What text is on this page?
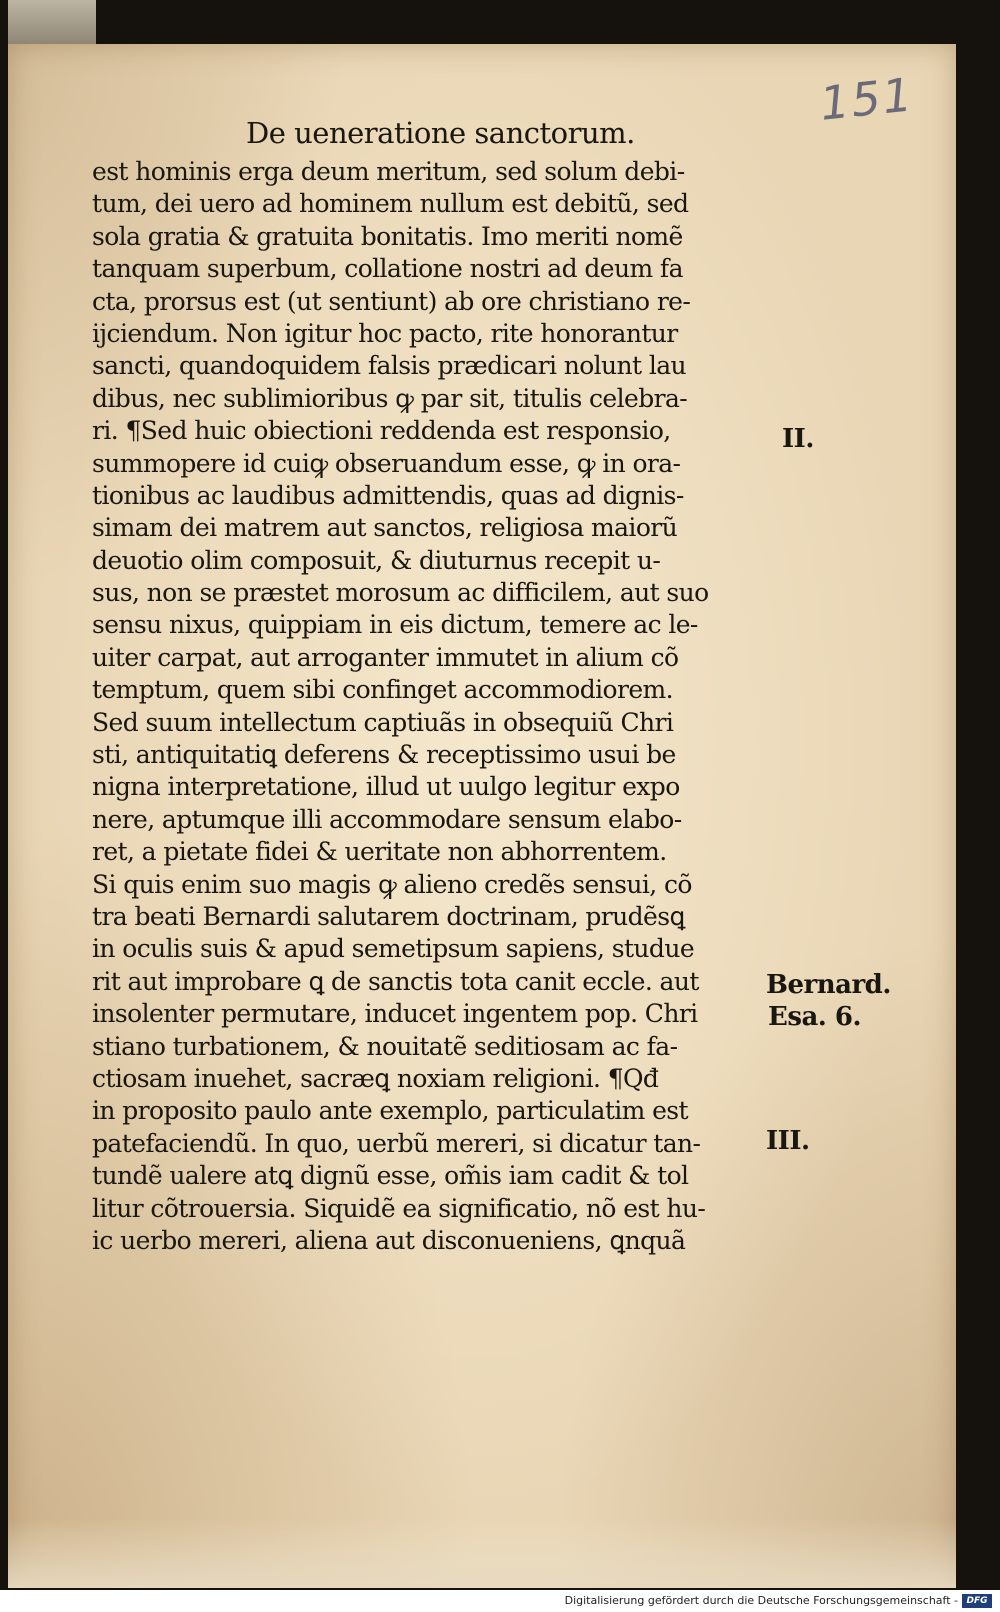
151
De ueneratione sanctorum.
est hominis erga deum meritum, sed solum debi-
tum, dei uero ad hominem nullum est debitũ, sed
sola gratia & gratuita bonitatis. Imo meriti nomẽ
tanquam superbum, collatione nostri ad deum fa
cta, prorsus est (ut sentiunt) ab ore christiano re-
ijciendum. Non igitur hoc pacto, rite honorantur
sancti, quandoquidem falsis prædicari nolunt lau
dibus, nec sublimioribus ꝙ par sit, titulis celebra-
ri. ¶Sed huic obiectioni reddenda est responsio,
summopere id cuiꝙ obseruandum esse, ꝙ in ora-
tionibus ac laudibus admittendis, quas ad dignis-
simam dei matrem aut sanctos, religiosa maiorũ
deuotio olim composuit, & diuturnus recepit u-
sus, non se præstet morosum ac difficilem, aut suo
sensu nixus, quippiam in eis dictum, temere ac le-
uiter carpat, aut arroganter immutet in alium cõ
temptum, quem sibi confinget accommodiorem.
Sed suum intellectum captiuãs in obsequiũ Chri
sti, antiquitatiꝗ deferens & receptissimo usui be
nigna interpretatione, illud ut uulgo legitur expo
nere, aptumque illi accommodare sensum elabo-
ret, a pietate fidei & ueritate non abhorrentem.
Si quis enim suo magis ꝙ alieno credẽs sensui, cõ
tra beati Bernardi salutarem doctrinam, prudẽsꝗ
in oculis suis & apud semetipsum sapiens, studue
rit aut improbare ꝗ de sanctis tota canit eccle. aut
insolenter permutare, inducet ingentem pop. Chri
stiano turbationem, & nouitatẽ seditiosam ac fa-
ctiosam inuehet, sacræꝗ noxiam religioni. ¶Qđ
in proposito paulo ante exemplo, particulatim est
patefaciendũ. In quo, uerbũ mereri, si dicatur tan-
tundẽ ualere atꝗ dignũ esse, om̃is iam cadit & tol
litur cõtrouersia. Siquidẽ ea significatio, nõ est hu-
ic uerbo mereri, aliena aut disconueniens, ꝗnquã
II.
Bernard.
Esa. 6.
III.
Digitalisierung gefördert durch die Deutsche Forschungsgemeinschaft - DFG
